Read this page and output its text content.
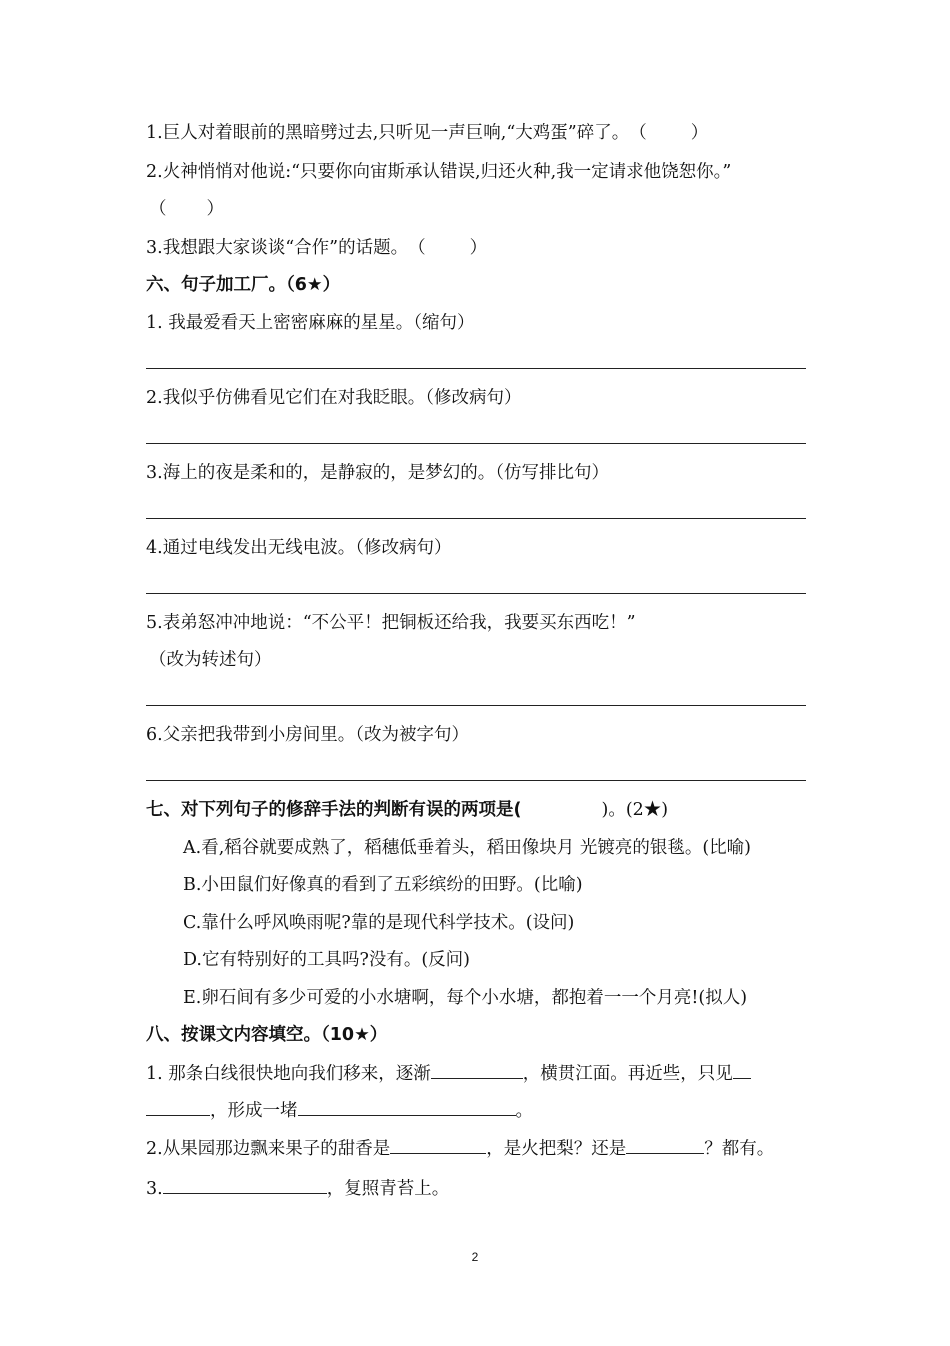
1.巨人对着眼前的黑暗劈过去,只听见一声巨响,“大鸡蛋”碎了。（	）
2.火神悄悄对他说:“只要你向宙斯承认错误,归还火种,我一定请求他饶恕你。”
（ ）
3.我想跟大家谈谈“合作”的话题。（	）
六、句子加工厂。（6★）
1. 我最爱看天上密密麻麻的星星。（缩句）
2.我似乎仿佛看见它们在对我眨眼。（修改病句）
3.海上的夜是柔和的，是静寂的，是梦幻的。（仿写排比句）
4.通过电线发出无线电波。（修改病句）
5.表弟怒冲冲地说：“不公平！把铜板还给我，我要买东西吃！”
（改为转述句）
6.父亲把我带到小房间里。（改为被字句）
七、对下列句子的修辞手法的判断有误的两项是(	)。(2★)
A.看,稻谷就要成熟了，稻穗低垂着头，稻田像块月 光镀亮的银毯。(比喻)
B.小田鼠们好像真的看到了五彩缤纷的田野。(比喻)
C.靠什么呼风唤雨呢?靠的是现代科学技术。(设问)
D.它有特别好的工具吗?没有。(反问)
E.卵石间有多少可爱的小水塘啊，每个小水塘，都抱着一一个月亮!(拟人)
八、按课文内容填空。（10★）
1. 那条白线很快地向我们移来，逐渐	，横贯江面。再近些，只见
，形成一堵	。
2.从果园那边飘来果子的甜香是	，是火把梨？还是	？都有。
3.	，复照青苔上。
2
